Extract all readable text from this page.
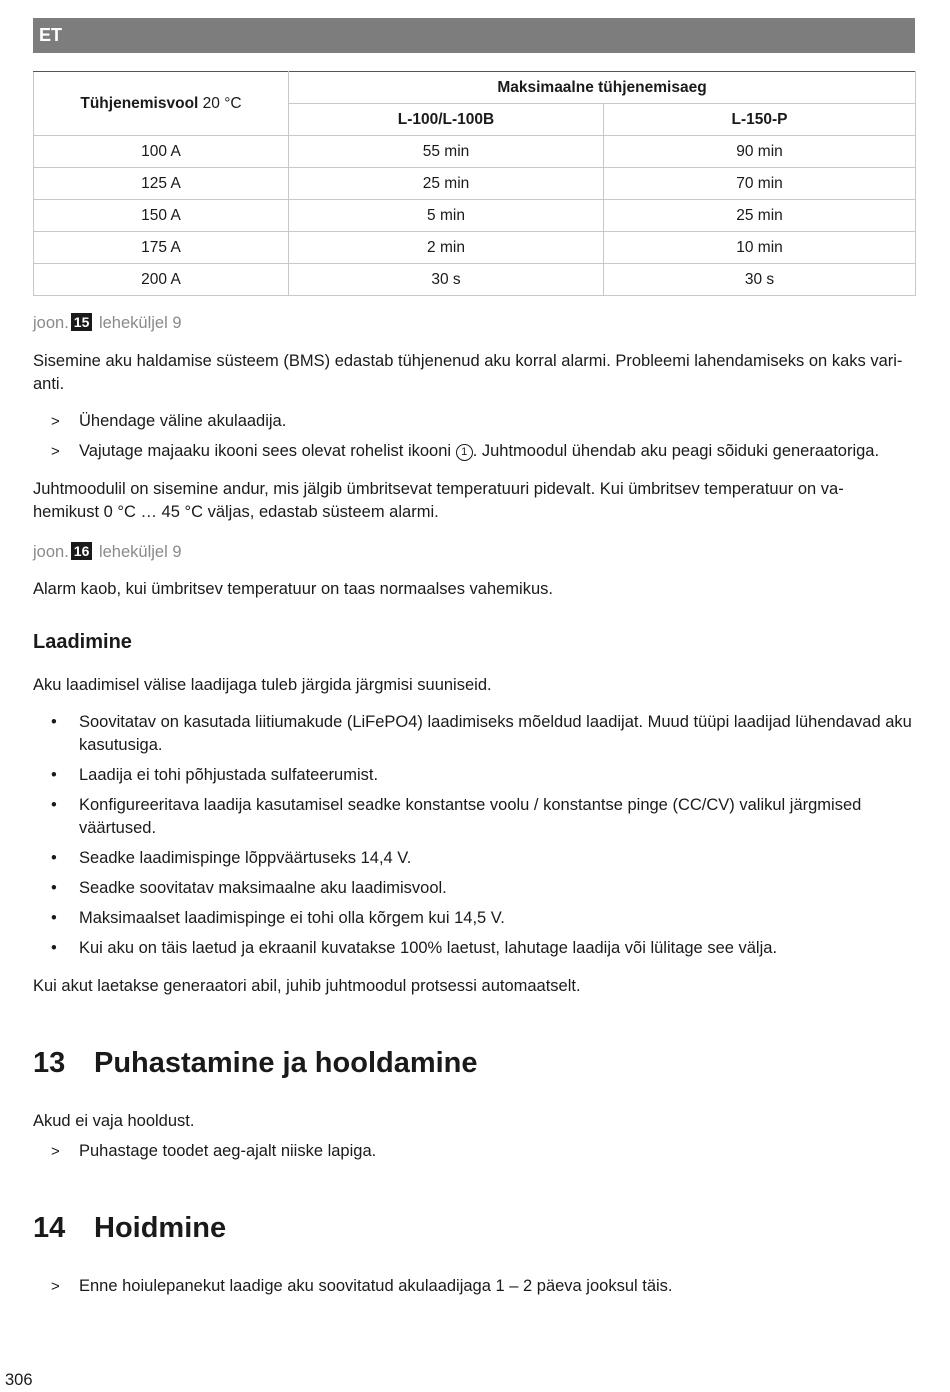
ET
Tühjenemisvool 20 °C	Maksimaalne tühjenemisaeg	
	L-100/L-100B	L-150-P
100 A	55 min	90 min
125 A	25 min	70 min
150 A	5 min	25 min
175 A	2 min	10 min
200 A	30 s	30 s
joon. 15 leheküljel 9
Sisemine aku haldamise süsteem (BMS) edastab tühjenenud aku korral alarmi. Probleemi lahendamiseks on kaks vari- anti.
> Ühendage väline akulaadija.
> Vajutage majaaku ikooni sees olevat rohelist ikooni 1 . Juhtmoodul ühendab aku peagi sõiduki generaatoriga.
Juhtmoodulil on sisemine andur, mis jälgib ümbritsevat temperatuuri pidevalt. Kui ümbritsev temperatuur on va- hemikust 0 °C … 45 °C väljas, edastab süsteem alarmi.
joon. 16 leheküljel 9
Alarm kaob, kui ümbritsev temperatuur on taas normaalses vahemikus.
Laadimine
Aku laadimisel välise laadijaga tuleb järgida järgmisi suuniseid.
• Soovitatav on kasutada liitiumakude (LiFePO4) laadimiseks mõeldud laadijat. Muud tüüpi laadijad lühendavad aku kasutusiga.
• Laadija ei tohi põhjustada sulfateerumist.
• Konfigureeritava laadija kasutamisel seadke konstantse voolu / konstantse pinge (CC/CV) valikul järgmised väärtused.
• Seadke laadimispinge lõppväärtuseks 14,4 V.
• Seadke soovitatav maksimaalne aku laadimisvool.
• Maksimaalset laadimispinge ei tohi olla kõrgem kui 14,5 V.
• Kui aku on täis laetud ja ekraanil kuvatakse 100% laetust, lahutage laadija või lülitage see välja.
Kui akut laetakse generaatori abil, juhib juhtmoodul protsessi automaatselt.
13 Puhastamine ja hooldamine
Akud ei vaja hooldust.
> Puhastage toodet aeg-ajalt niiske lapiga.
14 Hoidmine
> Enne hoiulepanekut laadige aku soovitatud akulaadijaga 1 – 2 päeva jooksul täis.
306
